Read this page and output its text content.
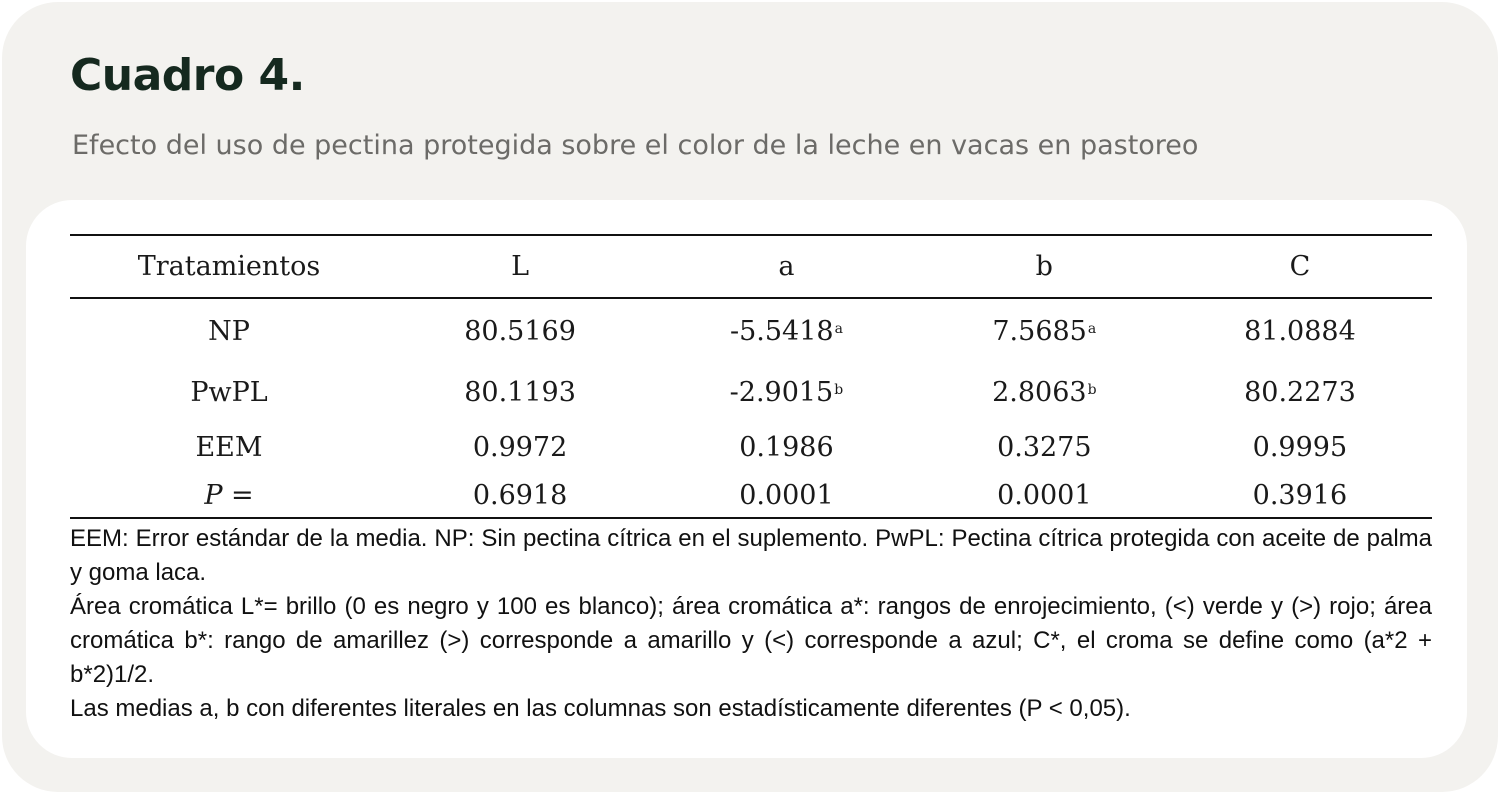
Cuadro 4.

Efecto del uso de pectina protegida sobre el color de la leche en vacas en pastoreo

Tratamientos	L	a	b	C
NP	80.5169	-5.5418$^a$	7.5685$^a$	81.0884
PwPL	80.1193	-2.9015$^b$	2.8063$^b$	80.2273
EEM	0.9972	0.1986	0.3275	0.9995
P =	0.6918	0.0001	0.0001	0.3916

EEM: Error estándar de la media. NP: Sin pectina cítrica en el suplemento. PwPL: Pectina cítrica protegida con aceite de palma y goma laca.

Área cromática L*= brillo (0 es negro y 100 es blanco); área cromática a*: rangos de enrojecimiento, (<) verde y (>) rojo; área cromática b*: rango de amarillez (>) corresponde a amarillo y (<) corresponde a azul; C*, el croma se define como (a*2 + b*2)1/2.

Las medias a, b con diferentes literales en las columnas son estadísticamente diferentes (P < 0,05).
